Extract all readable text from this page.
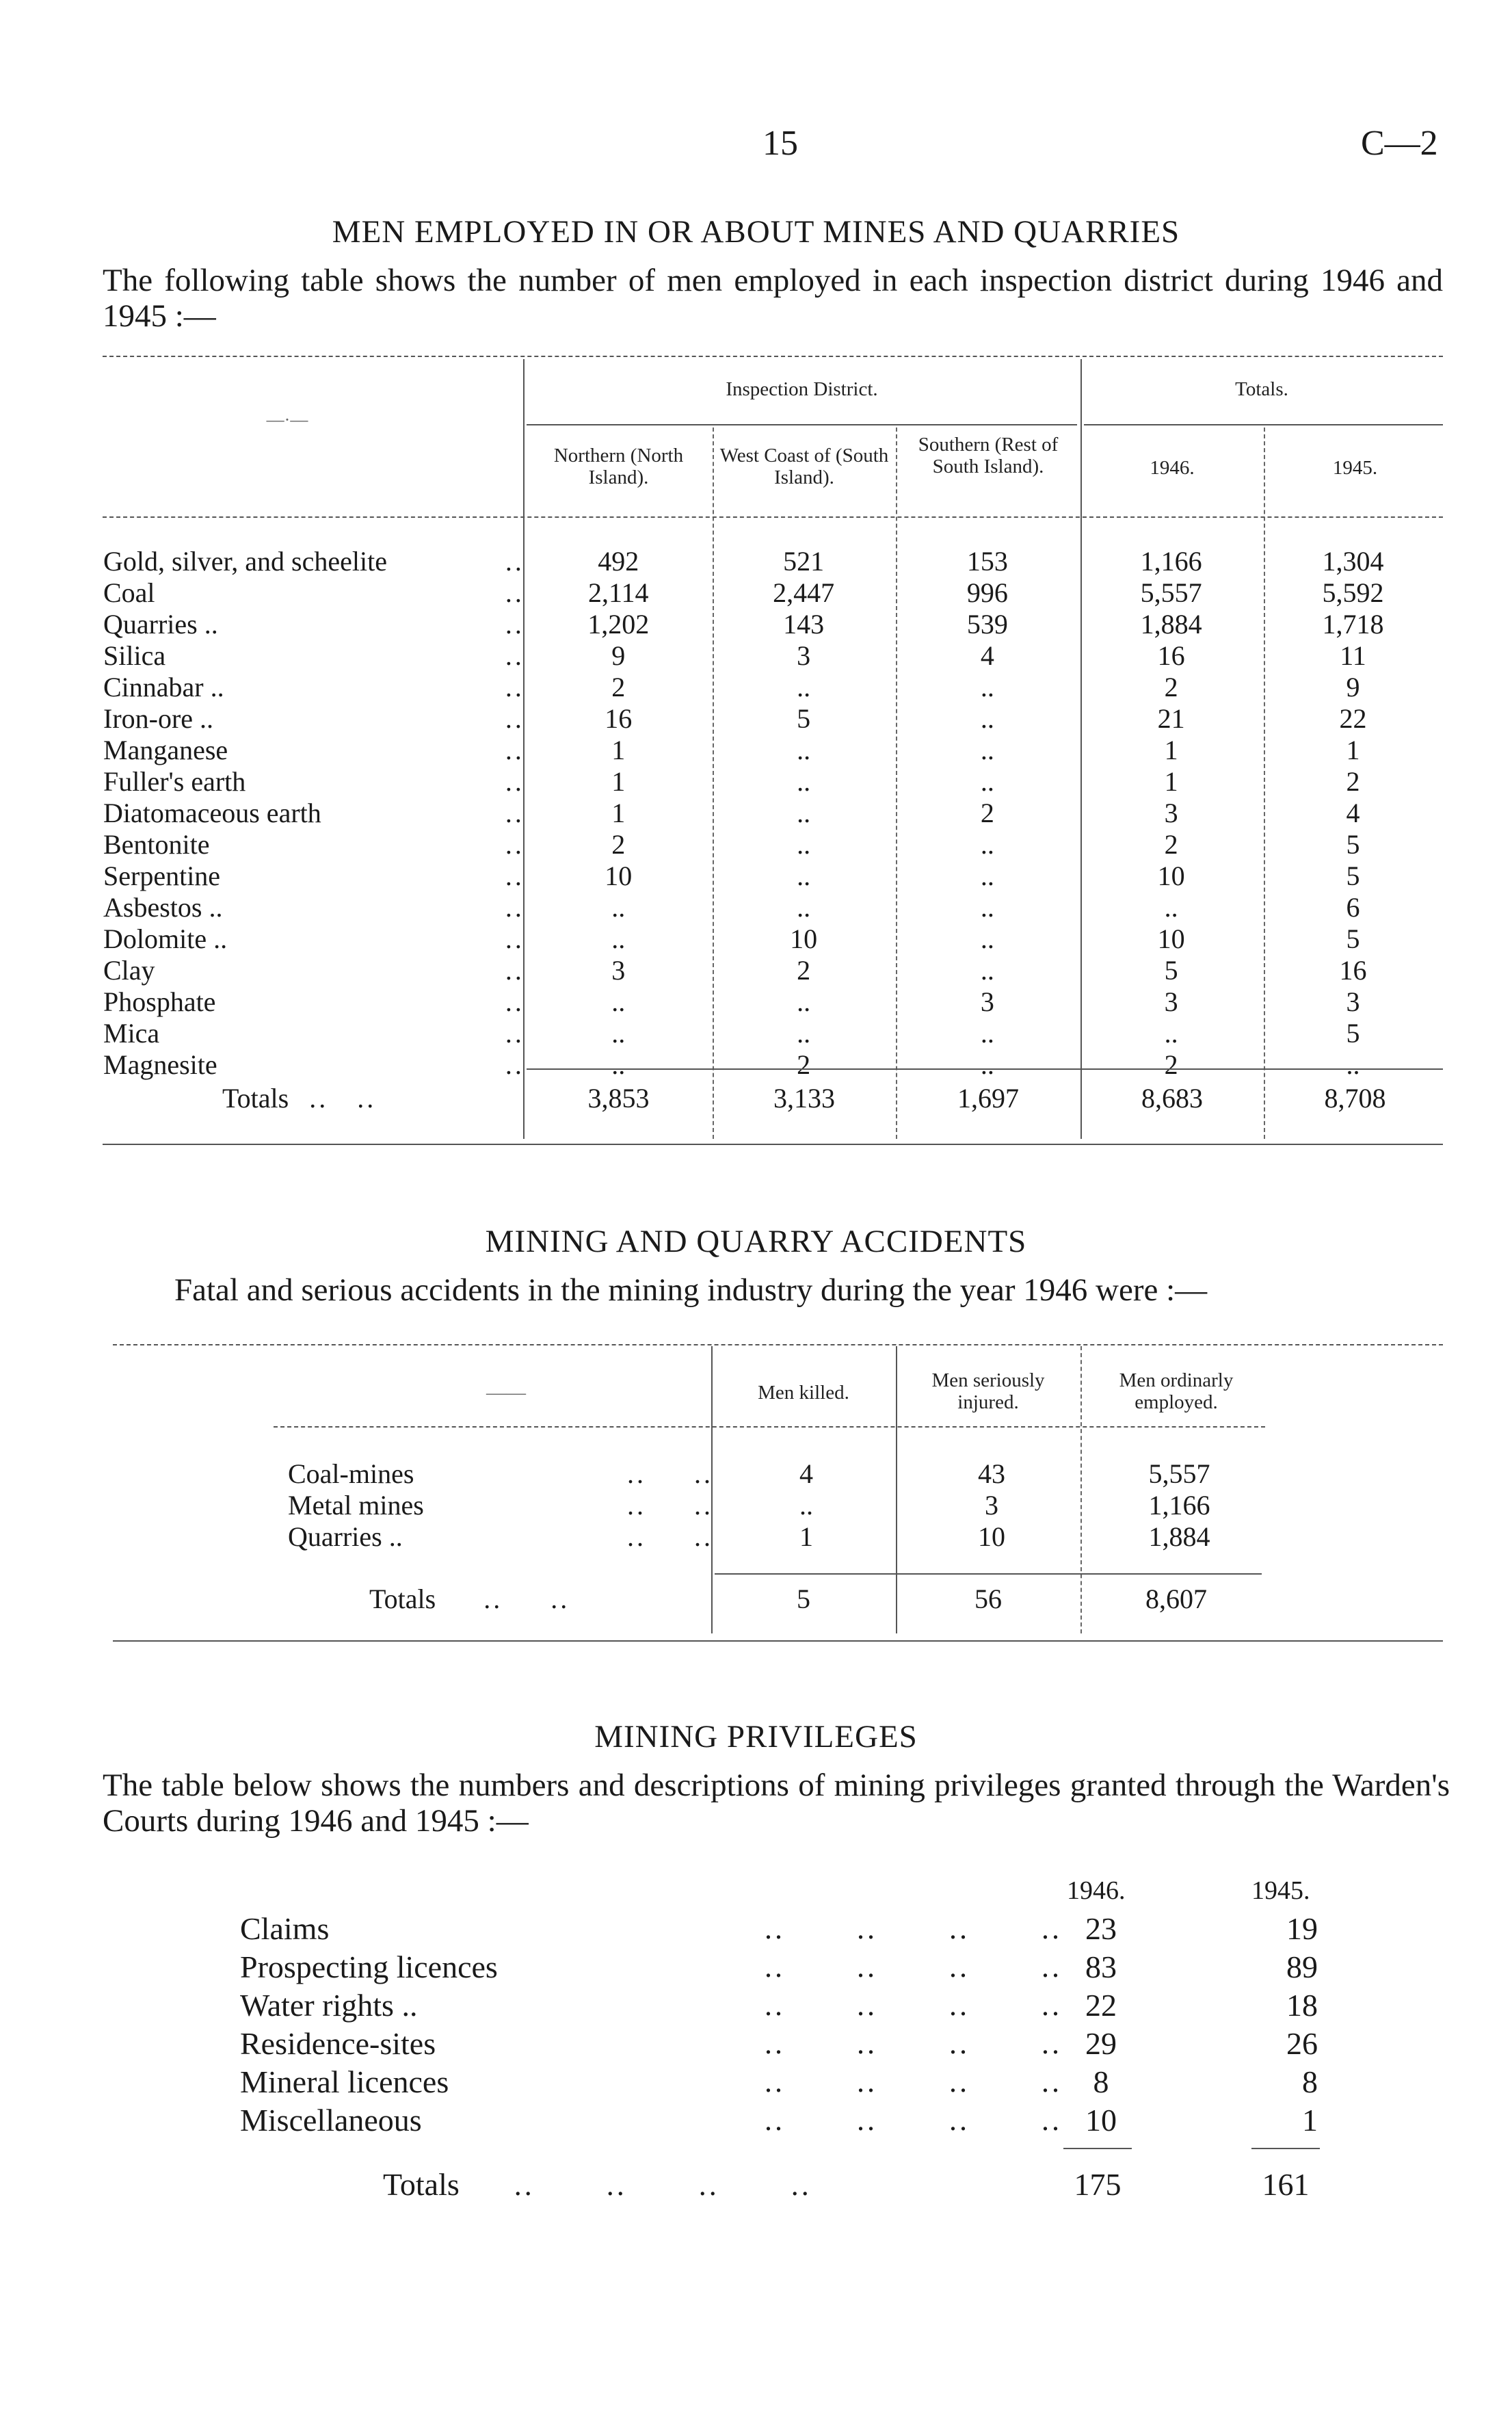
15	C—2
MEN EMPLOYED IN OR ABOUT MINES AND QUARRIES
The following table shows the number of men employed in each inspection district during 1946 and 1945 :—
—·—
Inspection District.	Totals.
Northern (North Island).
West Coast of (South Island).
Southern (Rest of South Island).	1946.	1945.
Gold, silver, and scheelite	..	492	521	153	1,166	1,304
Coal	..	2,114	2,447	996	5,557	5,592
Quarries ..	..	1,202	143	539	1,884	1,718
Silica	..	9	3	4	16	11
Cinnabar ..	..	2	..	..	2	9
Iron-ore ..	..	16	5	..	21	22
Manganese	..	1	..	..	1	1
Fuller's earth	..	1	..	..	1	2
Diatomaceous earth	..	1	..	2	3	4
Bentonite	..	2	..	..	2	5
Serpentine	..	10	..	..	10	5
Asbestos ..	..	..	..	..	..	6
Dolomite ..	..	..	10	..	10	5
Clay	..	3	2	..	5	16
Phosphate	..	..	..	3	3	3
Mica	..	..	..	..	..	5
Magnesite	..	..	2	..	2	..
Totals ..   ..	3,853	3,133	1,697	8,683	8,708
MINING AND QUARRY ACCIDENTS
Fatal and serious accidents in the mining industry during the year 1946 were :—
——	Men killed.
Men seriously injured.
Men ordinarly employed.
Coal-mines	..     ..	4	43	5,557
Metal mines	..     ..	..	3	1,166
Quarries ..	..     ..	1	10	1,884
Totals ..     ..	5	56	8,607
MINING PRIVILEGES
The table below shows the numbers and descriptions of mining privileges granted through the Warden's Courts during 1946 and 1945 :—
1946.	1945.
Claims	..       ..       ..       ..	23	19
Prospecting licences	..       ..       ..       ..	83	89
Water rights ..	..       ..       ..       ..	22	18
Residence-sites	..       ..       ..       ..	29	26
Mineral licences	..       ..       ..       ..	8	8
Miscellaneous	..       ..       ..       ..	10	1
Totals ..       ..       ..       ..	175	161
